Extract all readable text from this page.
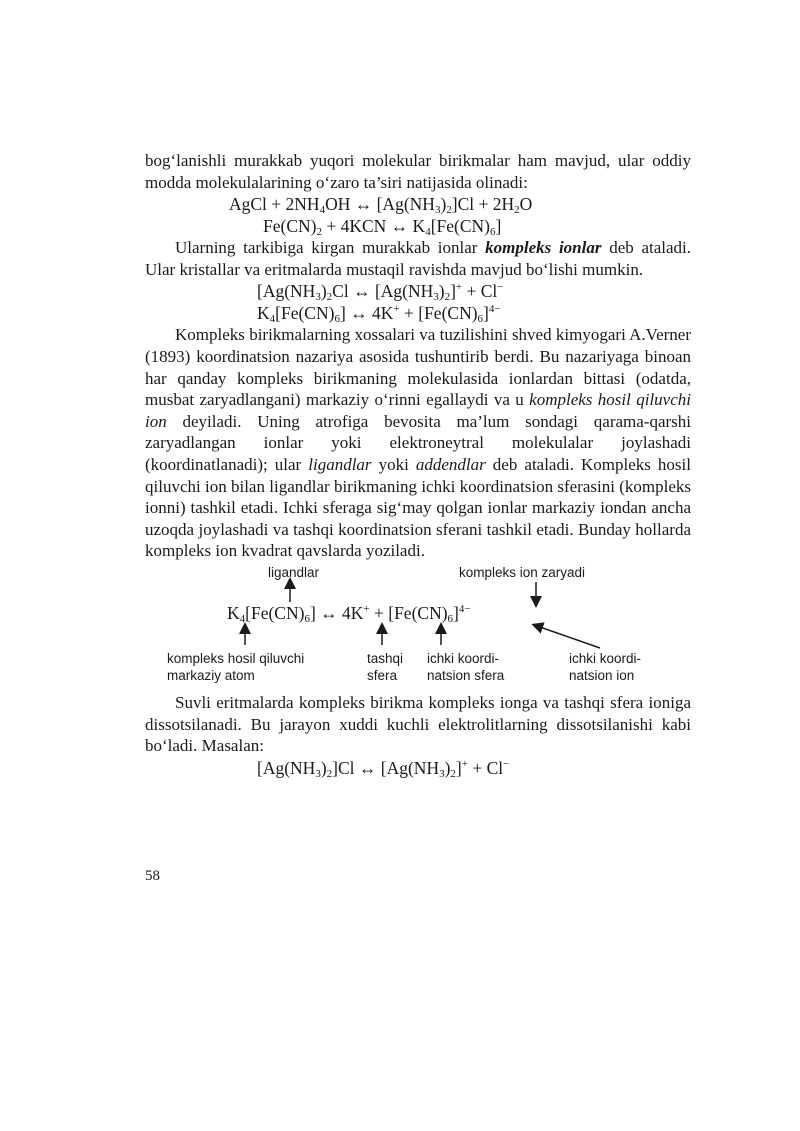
bog‘lanishli murakkab yuqori molekular birikmalar ham mavjud, ular oddiy modda molekulalarining o‘zaro ta’siri natijasida olinadi:

AgCl + $2NH_4OH$ ↔ $[Ag(NH_3)_2]Cl + 2H_2O$
$Fe(CN)_2 + 4KCN$ ↔ $K_4[Fe(CN)_6]$

Ularning tarkibiga kirgan murakkab ionlar kompleks ionlar deb ataladi. Ular kristallar va eritmalarda mustaqil ravishda mavjud bo‘lishi mumkin.

[$Ag(NH_3)_2Cl$ ↔ $[Ag(NH_3)_2]^+ + Cl^-$
$K_4[Fe(CN)_6]$ ↔ $4K^+ + [Fe(CN)_6]^{4-}$

Kompleks birikmalarning xossalari va tuzilishini shved kimyogari A.Verner (1893) koordinatsion nazariya asosida tushuntirib berdi. Bu nazariyaga binoan har qanday kompleks birikmaning molekulasida ionlardan bittasi (odatda, musbat zaryadlangani) markaziy o‘rinni egallaydi va u kompleks hosil qiluvchi ion deyiladi. Uning atrofiga bevosita ma’lum sondagi qarama-qarshi zaryadlangan ionlar yoki elektroneytral molekulalar joylashadi (koordinatlanadi); ular ligandlar yoki addendlar deb ataladi. Kompleks hosil qiluvchi ion bilan ligandlar birikmaning ichki koordinatsion sferasini (kompleks ionni) tashkil etadi. Ichki sferaga sig‘may qolgan ionlar markaziy iondan ancha uzoqda joylashadi va tashqi koordinatsion sferani tashkil etadi. Bunday hollarda kompleks ion kvadrat qavslarda yoziladi.

ligandlar	kompleks ion zaryadi
$K_4[Fe(CN)_6]$ ↔ $4K^+ + [Fe(CN)_6]^{4-}$
kompleks hosil qiluvchi
markaziy atom
tashqi
sfera
ichki koordi-
natsion sfera
ichki koordi-
natsion ion

Suvli eritmalarda kompleks birikma kompleks ionga va tashqi sfera ioniga dissotsilanadi. Bu jarayon xuddi kuchli elektrolitlarning dissotsilanishi kabi bo‘ladi. Masalan:

$[Ag(NH_3)_2]Cl$ ↔ $[Ag(NH_3)_2]^+ + Cl^-$
58
